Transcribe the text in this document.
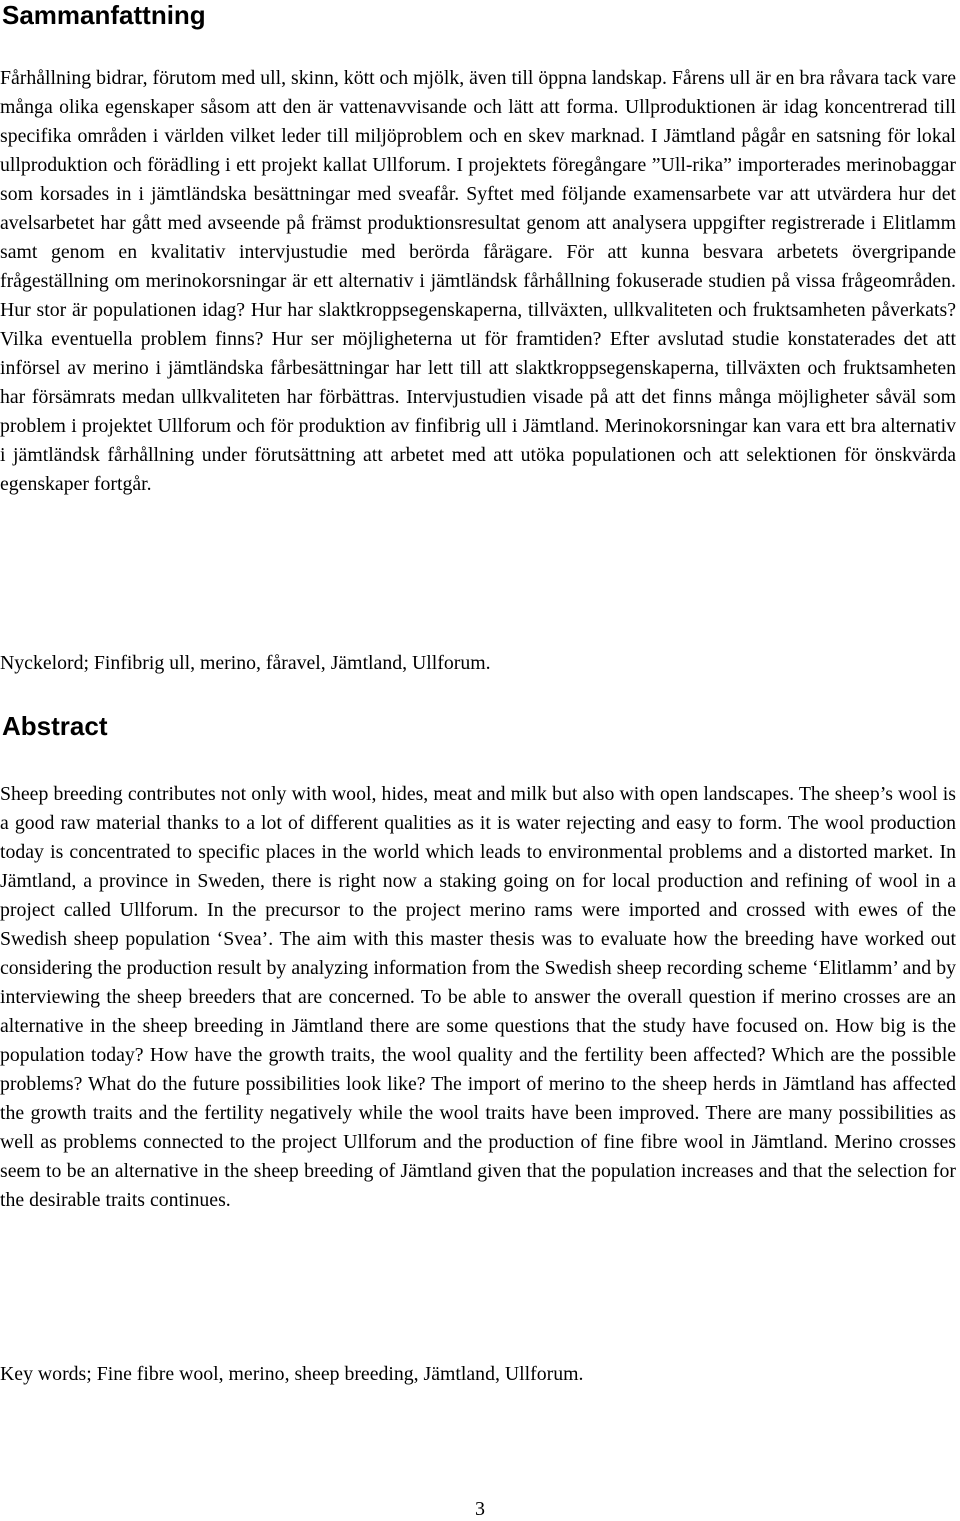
Sammanfattning

Fårhållning bidrar, förutom med ull, skinn, kött och mjölk, även till öppna landskap. Fårens ull är en bra råvara tack vare många olika egenskaper såsom att den är vattenavvisande och lätt att forma. Ullproduktionen är idag koncentrerad till specifika områden i världen vilket leder till miljöproblem och en skev marknad. I Jämtland pågår en satsning för lokal ullproduktion och förädling i ett projekt kallat Ullforum. I projektets föregångare ”Ull-rika” importerades merinobaggar som korsades in i jämtländska besättningar med sveafår. Syftet med följande examensarbete var att utvärdera hur det avelsarbetet har gått med avseende på främst produktionsresultat genom att analysera uppgifter registrerade i Elitlamm samt genom en kvalitativ intervjustudie med berörda fårägare. För att kunna besvara arbetets övergripande frågeställning om merinokorsningar är ett alternativ i jämtländsk fårhållning fokuserade studien på vissa frågeområden. Hur stor är populationen idag? Hur har slaktkroppsegenskaperna, tillväxten, ullkvaliteten och fruktsamheten påverkats? Vilka eventuella problem finns? Hur ser möjligheterna ut för framtiden? Efter avslutad studie konstaterades det att införsel av merino i jämtländska fårbesättningar har lett till att slaktkroppsegenskaperna, tillväxten och fruktsamheten har försämrats medan ullkvaliteten har förbättras. Intervjustudien visade på att det finns många möjligheter såväl som problem i projektet Ullforum och för produktion av finfibrig ull i Jämtland. Merinokorsningar kan vara ett bra alternativ i jämtländsk fårhållning under förutsättning att arbetet med att utöka populationen och att selektionen för önskvärda egenskaper fortgår.

Nyckelord; Finfibrig ull, merino, fåravel, Jämtland, Ullforum.

Abstract

Sheep breeding contributes not only with wool, hides, meat and milk but also with open landscapes. The sheep’s wool is a good raw material thanks to a lot of different qualities as it is water rejecting and easy to form. The wool production today is concentrated to specific places in the world which leads to environmental problems and a distorted market. In Jämtland, a province in Sweden, there is right now a staking going on for local production and refining of wool in a project called Ullforum. In the precursor to the project merino rams were imported and crossed with ewes of the Swedish sheep population ‘Svea’. The aim with this master thesis was to evaluate how the breeding have worked out considering the production result by analyzing information from the Swedish sheep recording scheme ‘Elitlamm’ and by interviewing the sheep breeders that are concerned. To be able to answer the overall question if merino crosses are an alternative in the sheep breeding in Jämtland there are some questions that the study have focused on. How big is the population today? How have the growth traits, the wool quality and the fertility been affected? Which are the possible problems? What do the future possibilities look like? The import of merino to the sheep herds in Jämtland has affected the growth traits and the fertility negatively while the wool traits have been improved. There are many possibilities as well as problems connected to the project Ullforum and the production of fine fibre wool in Jämtland. Merino crosses seem to be an alternative in the sheep breeding of Jämtland given that the population increases and that the selection for the desirable traits continues.

Key words; Fine fibre wool, merino, sheep breeding, Jämtland, Ullforum.

3
